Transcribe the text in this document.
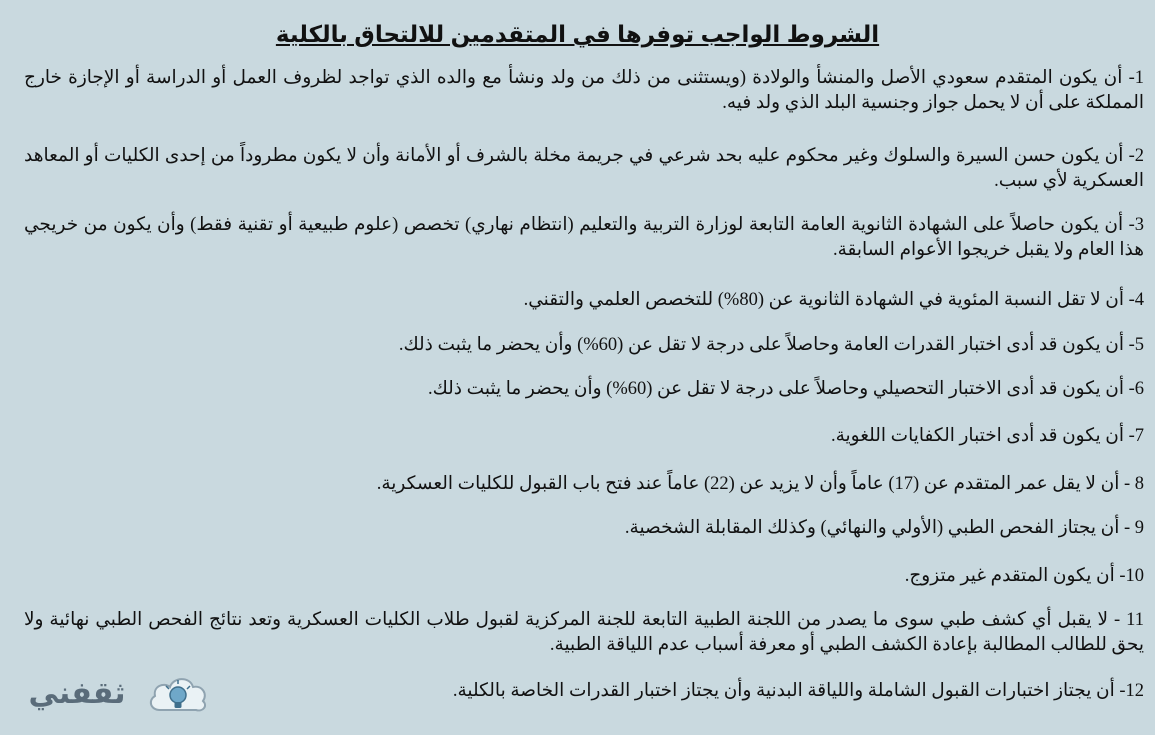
الشروط الواجب توفرها في المتقدمين للالتحاق بالكلية

1- أن يكون المتقدم سعودي الأصل والمنشأ والولادة (ويستثنى من ذلك من ولد ونشأ مع والده الذي تواجد لظروف العمل أو الدراسة أو الإجازة خارج المملكة على أن لا يحمل جواز وجنسية البلد الذي ولد فيه.

2- أن يكون حسن السيرة والسلوك وغير محكوم عليه بحد شرعي في جريمة مخلة بالشرف أو الأمانة وأن لا يكون مطروداً من إحدى الكليات أو المعاهد العسكرية لأي سبب.

3- أن يكون حاصلاً على الشهادة الثانوية العامة التابعة لوزارة التربية والتعليم (انتظام نهاري) تخصص (علوم طبيعية أو تقنية فقط) وأن يكون من خريجي هذا العام ولا يقبل خريجوا الأعوام السابقة.

4- أن لا تقل النسبة المئوية في الشهادة الثانوية عن (80%) للتخصص العلمي والتقني.

5- أن يكون قد أدى اختبار القدرات العامة وحاصلاً على درجة لا تقل عن (60%) وأن يحضر ما يثبت ذلك.

6- أن يكون قد أدى الاختبار التحصيلي وحاصلاً على درجة لا تقل عن (60%) وأن يحضر ما يثبت ذلك.

7- أن يكون قد أدى اختبار الكفايات اللغوية.

8 - أن لا يقل عمر المتقدم عن (17) عاماً وأن لا يزيد عن (22) عاماً عند فتح باب القبول للكليات العسكرية.

9 - أن يجتاز الفحص الطبي (الأولي والنهائي) وكذلك المقابلة الشخصية.

10- أن يكون المتقدم غير متزوج.

11 - لا يقبل أي كشف طبي سوى ما يصدر من اللجنة الطبية التابعة للجنة المركزية لقبول طلاب الكليات العسكرية وتعد نتائج الفحص الطبي نهائية ولا يحق للطالب المطالبة بإعادة الكشف الطبي أو معرفة أسباب عدم اللياقة الطبية.

12- أن يجتاز اختبارات القبول الشاملة واللياقة البدنية وأن يجتاز اختبار القدرات الخاصة بالكلية.

ثقفني
